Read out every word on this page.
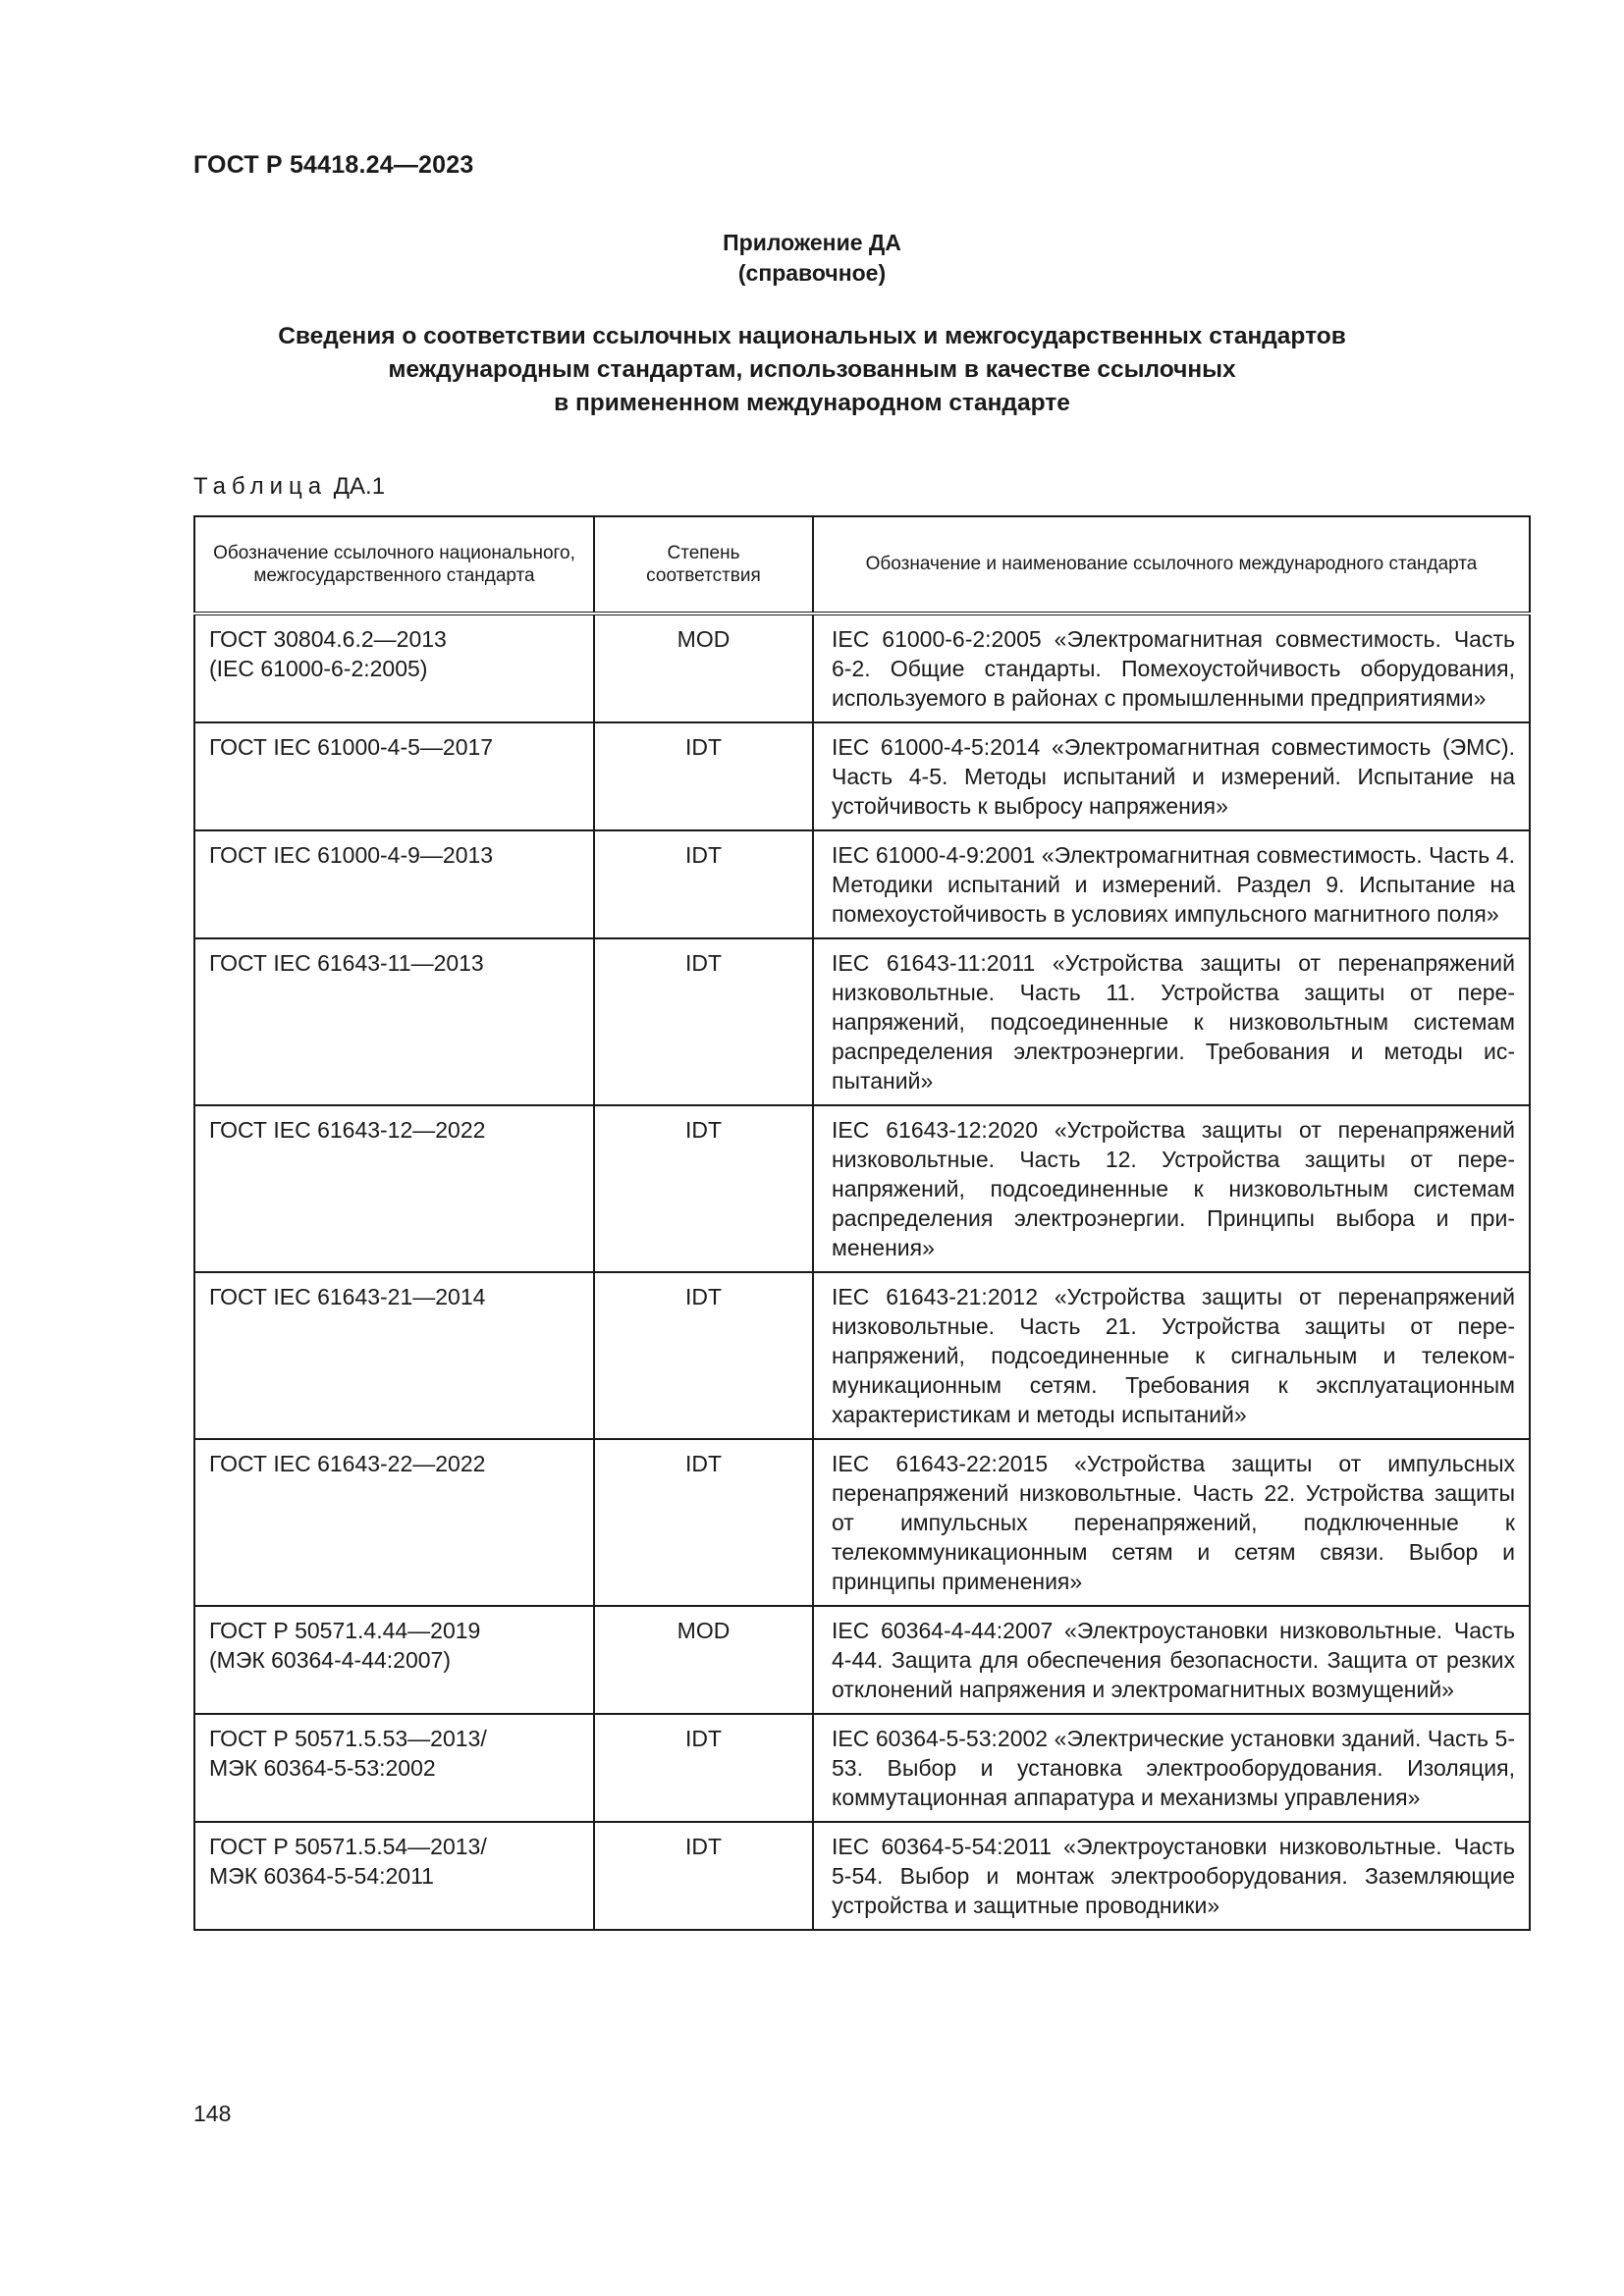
ГОСТ Р 54418.24—2023
Приложение ДА
(справочное)
Сведения о соответствии ссылочных национальных и межгосударственных стандартов
международным стандартам, использованным в качестве ссылочных
в примененном международном стандарте
Таблица ДА.1
Обозначение ссылочного национального, межгосударственного стандарта	Степень соответствия	Обозначение и наименование ссылочного международного стандарта
ГОСТ 30804.6.2—2013
(IEC 61000-6-2:2005)	MOD	IEC 61000-6-2:2005 «Электромагнитная совместимость. Часть 6-2. Общие стандарты. Помехоустойчивость оборудования, используемого в районах с промышленными предприятиями»
ГОСТ IEC 61000-4-5—2017	IDT	IEC 61000-4-5:2014 «Электромагнитная совместимость (ЭМС). Часть 4-5. Методы испытаний и измерений. Испытание на устойчивость к выбросу напряжения»
ГОСТ IEC 61000-4-9—2013	IDT	IEC 61000-4-9:2001 «Электромагнитная совместимость. Часть 4. Методики испытаний и измерений. Раздел 9. Испытание на помехоустойчивость в условиях импульсного магнитного поля»
ГОСТ IEC 61643-11—2013	IDT	IEC 61643-11:2011 «Устройства защиты от перенапряжений низковольтные. Часть 11. Устройства защиты от перенапряжений, подсоединенные к низковольтным системам распределения электроэнергии. Требования и методы испытаний»
ГОСТ IEC 61643-12—2022	IDT	IEC 61643-12:2020 «Устройства защиты от перенапряжений низковольтные. Часть 12. Устройства защиты от перенапряжений, подсоединенные к низковольтным системам распределения электроэнергии. Принципы выбора и применения»
ГОСТ IEC 61643-21—2014	IDT	IEC 61643-21:2012 «Устройства защиты от перенапряжений низковольтные. Часть 21. Устройства защиты от перенапряжений, подсоединенные к сигнальным и телекоммуникационным сетям. Требования к эксплуатационным характеристикам и методы испытаний»
ГОСТ IEC 61643-22—2022	IDT	IEC 61643-22:2015 «Устройства защиты от импульсных перенапряжений низковольтные. Часть 22. Устройства защиты от импульсных перенапряжений, подключенные к телекоммуникационным сетям и сетям связи. Выбор и принципы применения»
ГОСТ Р 50571.4.44—2019
(МЭК 60364-4-44:2007)	MOD	IEC 60364-4-44:2007 «Электроустановки низковольтные. Часть 4-44. Защита для обеспечения безопасности. Защита от резких отклонений напряжения и электромагнитных возмущений»
ГОСТ Р 50571.5.53—2013/
МЭК 60364-5-53:2002	IDT	IEC 60364-5-53:2002 «Электрические установки зданий. Часть 5-53. Выбор и установка электрооборудования. Изоляция, коммутационная аппаратура и механизмы управления»
ГОСТ Р 50571.5.54—2013/
МЭК 60364-5-54:2011	IDT	IEC 60364-5-54:2011 «Электроустановки низковольтные. Часть 5-54. Выбор и монтаж электрооборудования. Заземляющие устройства и защитные проводники»
148
